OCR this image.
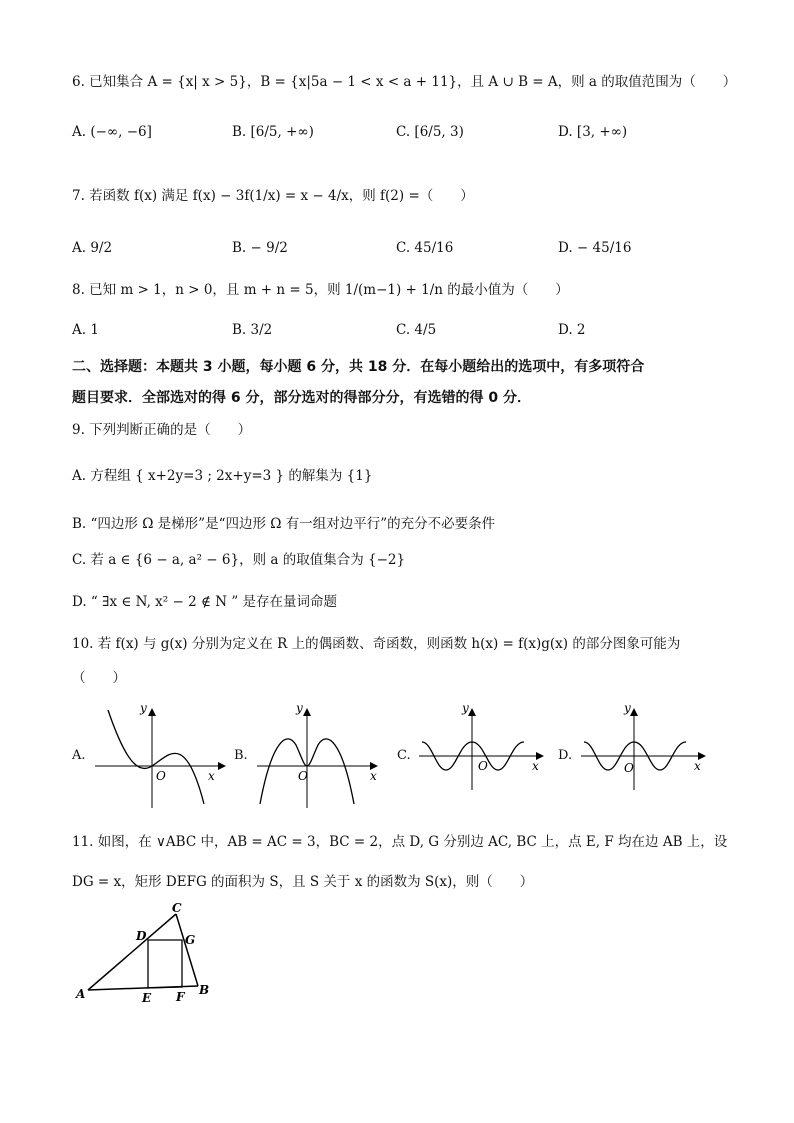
6. 已知集合 A = {x| x > 5}，B = {x|5a − 1 < x < a + 11}，且 A ∪ B = A，则 a 的取值范围为（　　）
A. (−∞, −6]	B. [6/5, +∞)	C. [6/5, 3)	D. [3, +∞)
7. 若函数 f(x) 满足 f(x) − 3f(1/x) = x − 4/x，则 f(2) =（　　）
A. 9/2	B. − 9/2	C. 45/16	D. − 45/16
8. 已知 m > 1，n > 0，且 m + n = 5，则 1/(m−1) + 1/n 的最小值为（　　）
A. 1	B. 3/2	C. 4/5	D. 2
二、选择题：本题共 3 小题，每小题 6 分，共 18 分．在每小题给出的选项中，有多项符合
题目要求．全部选对的得 6 分，部分选对的得部分分，有选错的得 0 分．
9. 下列判断正确的是（　　）
A. 方程组 { x+2y=3 ; 2x+y=3 } 的解集为 {1}
B. “四边形 Ω 是梯形”是“四边形 Ω 有一组对边平行”的充分不必要条件
C. 若 a ∈ {6 − a, a² − 6}，则 a 的取值集合为 {−2}
D. “ ∃x ∈ N, x² − 2 ∉ N ” 是存在量词命题
10. 若 f(x) 与 g(x) 分别为定义在 R 上的偶函数、奇函数，则函数 h(x) = f(x)g(x) 的部分图象可能为
（　　）
A.
y
x
O
B.
y
x
O
C.
y
x
O
D.
y
x
O
11. 如图，在 ∨ABC 中，AB = AC = 3，BC = 2，点 D, G 分别边 AC, BC 上，点 E, F 均在边 AB 上，设
DG = x，矩形 DEFG 的面积为 S，且 S 关于 x 的函数为 S(x)，则（　　）
A	B
C
D
E F
G
